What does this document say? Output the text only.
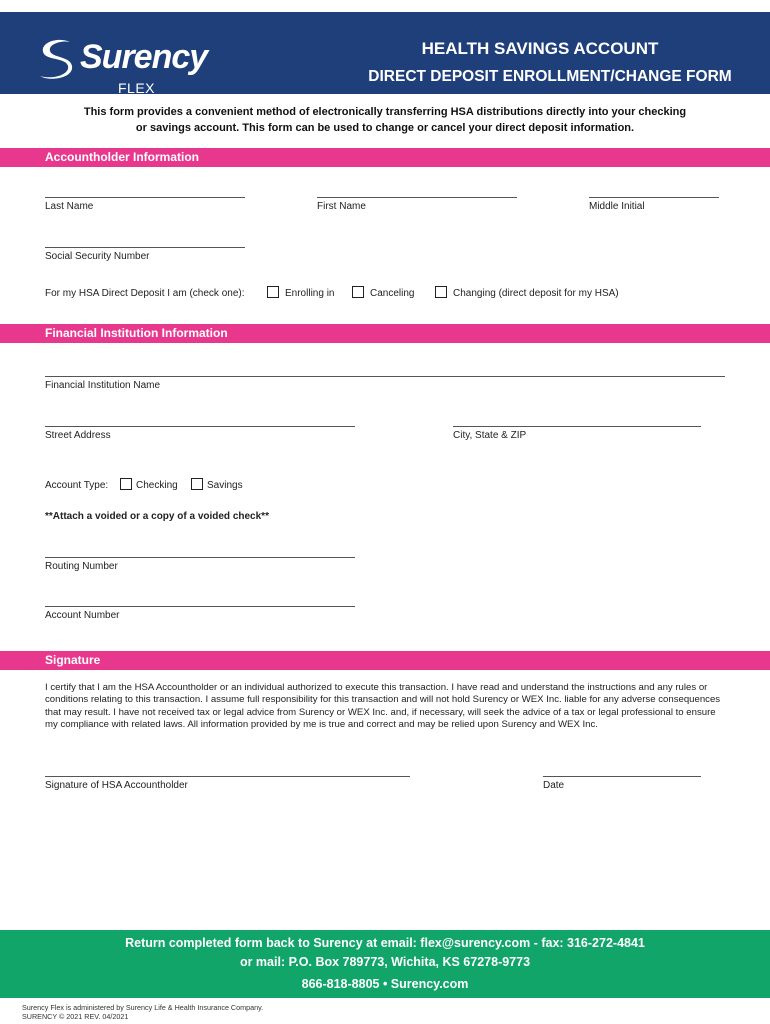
Surency
FLEX
HEALTH SAVINGS ACCOUNT
DIRECT DEPOSIT ENROLLMENT/CHANGE FORM
This form provides a convenient method of electronically transferring HSA distributions directly into your checking
or savings account. This form can be used to change or cancel your direct deposit information.
Accountholder Information
Last Name	First Name	Middle Initial
Social Security Number
For my HSA Direct Deposit I am (check one):	Enrolling in	Canceling	Changing (direct deposit for my HSA)
Financial Institution Information
Financial Institution Name
Street Address	City, State & ZIP
Account Type:	Checking	Savings
**Attach a voided or a copy of a voided check**
Routing Number
Account Number
Signature
I certify that I am the HSA Accountholder or an individual authorized to execute this transaction. I have read and understand the instructions and any rules or conditions relating to this transaction. I assume full responsibility for this transaction and will not hold Surency or WEX Inc. liable for any adverse consequences that may result. I have not received tax or legal advice from Surency or WEX Inc. and, if necessary, will seek the advice of a tax or legal professional to ensure my compliance with related laws. All information provided by me is true and correct and may be relied upon Surency and WEX Inc.
Signature of HSA Accountholder	Date
Return completed form back to Surency at email: flex@surency.com - fax: 316-272-4841
or mail: P.O. Box 789773, Wichita, KS 67278-9773
866-818-8805 • Surency.com
Surency Flex is administered by Surency Life & Health Insurance Company.
SURENCY © 2021 REV. 04/2021
